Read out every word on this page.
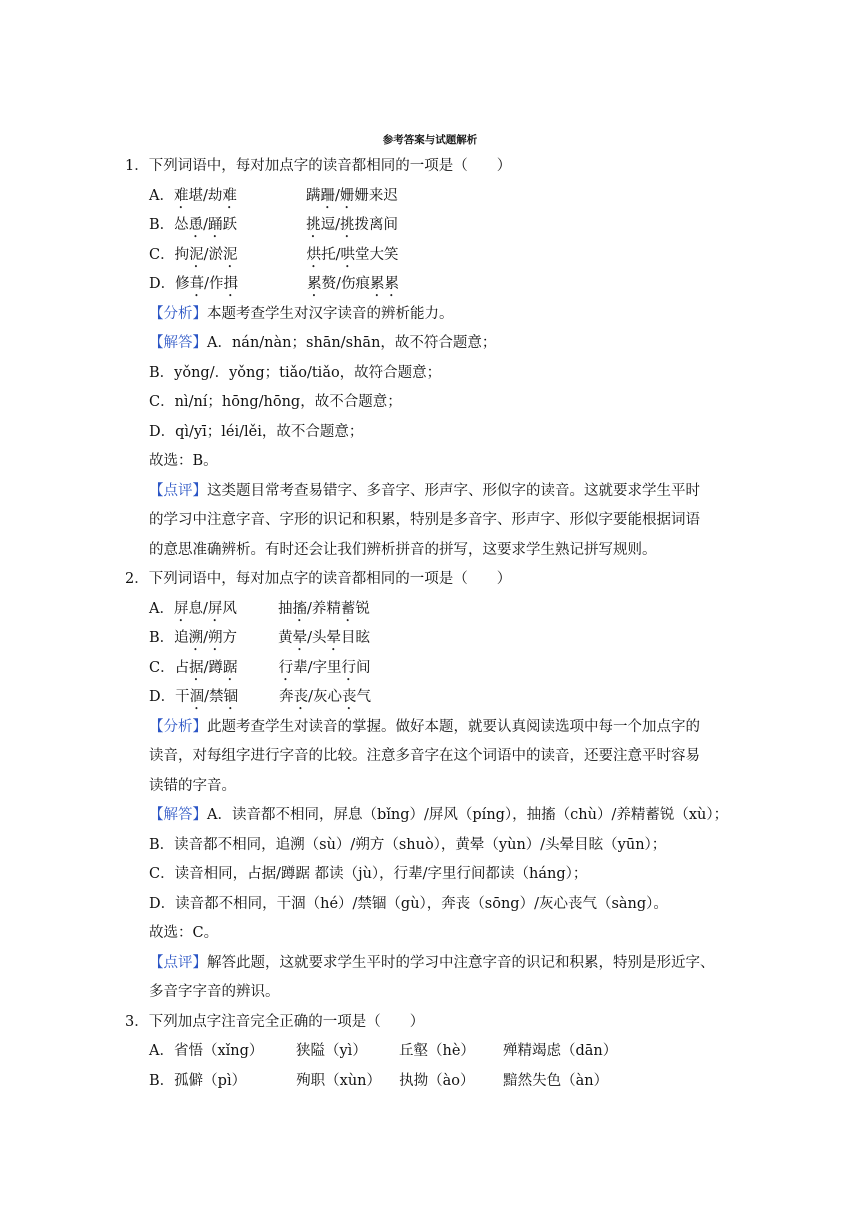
参考答案与试题解析
1．下列词语中，每对加点字的读音都相同的一项是（　　）
A．难堪/劫难	蹒跚/姗姗来迟
B．怂恿/踊跃	挑逗/挑拨离间
C．拘泥/淤泥	烘托/哄堂大笑
D．修葺/作揖	累赘/伤痕累累
【分析】本题考查学生对汉字读音的辨析能力。
【解答】A．nán/nàn；shān/shān，故不符合题意；
B．yǒng/．yǒng；tiǎo/tiǎo，故符合题意；
C．nì/ní；hōng/hōng，故不合题意；
D．qì/yī；léi/lěi，故不合题意；
故选：B。
【点评】这类题目常考查易错字、多音字、形声字、形似字的读音。这就要求学生平时
的学习中注意字音、字形的识记和积累，特别是多音字、形声字、形似字要能根据词语
的意思准确辨析。有时还会让我们辨析拼音的拼写，这要求学生熟记拼写规则。
2．下列词语中，每对加点字的读音都相同的一项是（　　）
A．屏息/屏风	抽搐/养精蓄锐
B．追溯/朔方	黄晕/头晕目眩
C．占据/蹲踞	行辈/字里行间
D．干涸/禁锢	奔丧/灰心丧气
【分析】此题考查学生对读音的掌握。做好本题，就要认真阅读选项中每一个加点字的
读音，对每组字进行字音的比较。注意多音字在这个词语中的读音，还要注意平时容易
读错的字音。
【解答】A．读音都不相同，屏息（bǐng）/屏风（píng），抽搐（chù）/养精蓄锐（xù）；
B．读音都不相同，追溯（sù）/朔方（shuò），黄晕（yùn）/头晕目眩（yūn）；
C．读音相同，占据/蹲踞 都读（jù），行辈/字里行间都读（háng）；
D．读音都不相同，干涸（hé）/禁锢（gù），奔丧（sōng）/灰心丧气（sàng）。
故选：C。
【点评】解答此题，这就要求学生平时的学习中注意字音的识记和积累，特别是形近字、
多音字字音的辨识。
3．下列加点字注音完全正确的一项是（　　）
A．省悟（xǐng） 狭隘（yì） 丘壑（hè） 殚精竭虑（dān）
B．孤僻（pì）	殉职（xùn） 执拗（ào） 黯然失色（àn）
